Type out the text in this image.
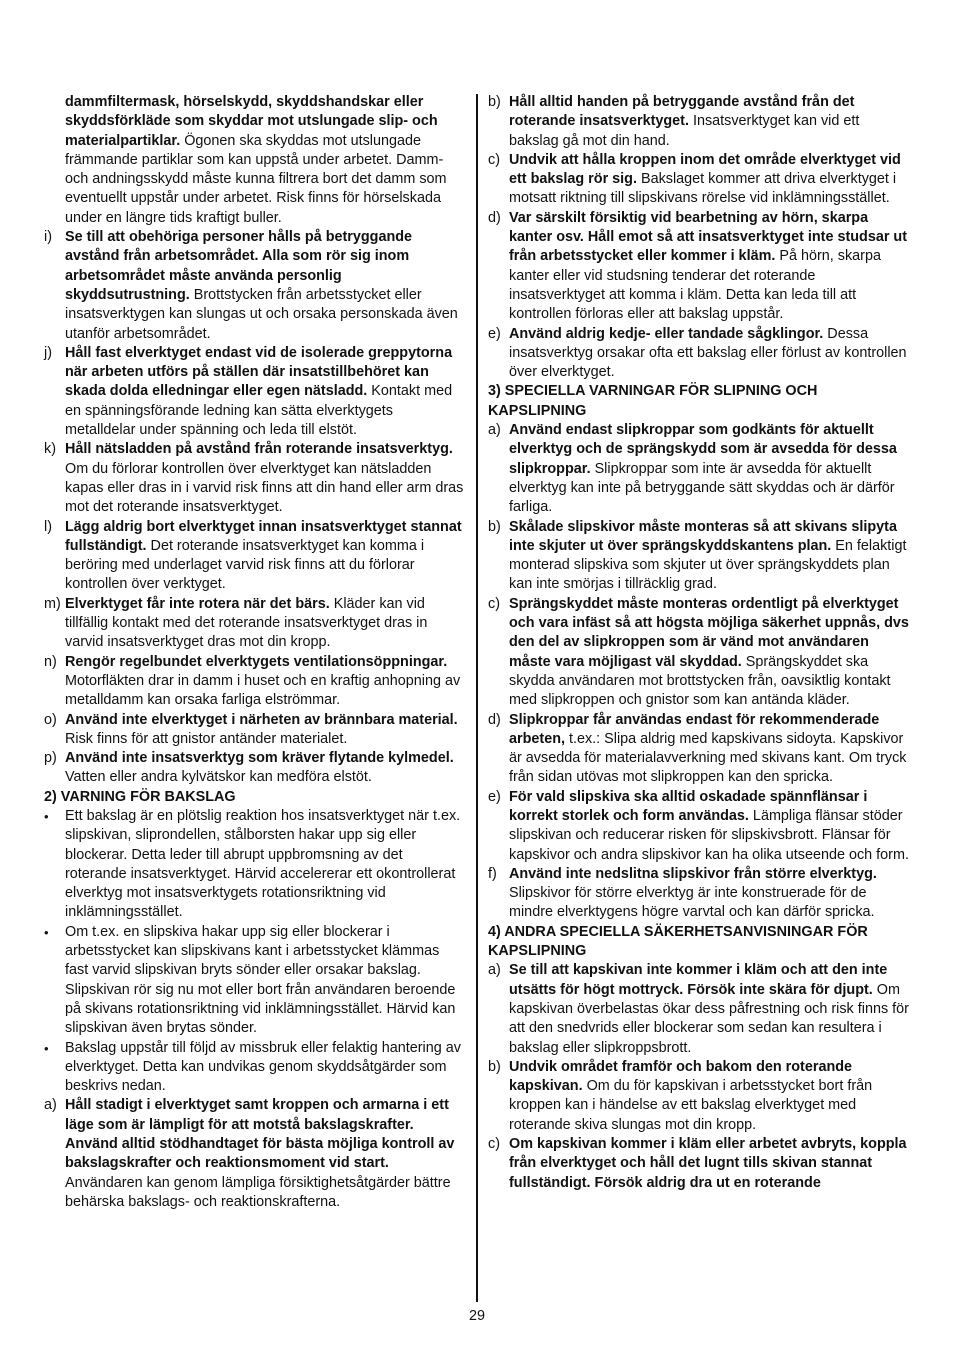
dammfiltermask, hörselskydd, skyddshandskar eller skyddsförkläde som skyddar mot utslungade slip- och materialpartiklar. Ögonen ska skyddas mot utslungade främmande partiklar som kan uppstå under arbetet. Damm- och andningsskydd måste kunna filtrera bort det damm som eventuellt uppstår under arbetet. Risk finns för hörselskada under en längre tids kraftigt buller.
i) Se till att obehöriga personer hålls på betryggande avstånd från arbetsområdet. Alla som rör sig inom arbetsområdet måste använda personlig skyddsutrustning. Brottstycken från arbetsstycket eller insatsverktygen kan slungas ut och orsaka personskada även utanför arbetsområdet.
j) Håll fast elverktyget endast vid de isolerade greppytorna när arbeten utförs på ställen där insatstillbehöret kan skada dolda elledningar eller egen nätsladd. Kontakt med en spänningsförande ledning kan sätta elverktygets metalldelar under spänning och leda till elstöt.
k) Håll nätsladden på avstånd från roterande insatsverktyg. Om du förlorar kontrollen över elverktyget kan nätsladden kapas eller dras in i varvid risk finns att din hand eller arm dras mot det roterande insatsverktyget.
l) Lägg aldrig bort elverktyget innan insatsverktyget stannat fullständigt. Det roterande insatsverktyget kan komma i beröring med underlaget varvid risk finns att du förlorar kontrollen över verktyget.
m) Elverktyget får inte rotera när det bärs. Kläder kan vid tillfällig kontakt med det roterande insatsverktyget dras in varvid insatsverktyget dras mot din kropp.
n) Rengör regelbundet elverktygets ventilationsöppningar. Motorfläkten drar in damm i huset och en kraftig anhopning av metalldamm kan orsaka farliga elströmmar.
o) Använd inte elverktyget i närheten av brännbara material. Risk finns för att gnistor antänder materialet.
p) Använd inte insatsverktyg som kräver flytande kylmedel. Vatten eller andra kylvätskor kan medföra elstöt.
2) VARNING FÖR BAKSLAG
• Ett bakslag är en plötslig reaktion hos insatsverktyget när t.ex. slipskivan, sliprondellen, stålborsten hakar upp sig eller blockerar. Detta leder till abrupt uppbromsning av det roterande insatsverktyget. Härvid accelererar ett okontrollerat elverktyg mot insatsverktygets rotationsriktning vid inklämningsstället.
• Om t.ex. en slipskiva hakar upp sig eller blockerar i arbetsstycket kan slipskivans kant i arbetsstycket klämmas fast varvid slipskivan bryts sönder eller orsakar bakslag. Slipskivan rör sig nu mot eller bort från användaren beroende på skivans rotationsriktning vid inklämningsstället. Härvid kan slipskivan även brytas sönder.
• Bakslag uppstår till följd av missbruk eller felaktig hantering av elverktyget. Detta kan undvikas genom skyddsåtgärder som beskrivs nedan.
a) Håll stadigt i elverktyget samt kroppen och armarna i ett läge som är lämpligt för att motstå bakslagskrafter. Använd alltid stödhandtaget för bästa möjliga kontroll av bakslagskrafter och reaktionsmoment vid start. Användaren kan genom lämpliga försiktighetsåtgärder bättre behärska bakslags- och reaktionskrafterna.
b) Håll alltid handen på betryggande avstånd från det roterande insatsverktyget. Insatsverktyget kan vid ett bakslag gå mot din hand.
c) Undvik att hålla kroppen inom det område elverktyget vid ett bakslag rör sig. Bakslaget kommer att driva elverktyget i motsatt riktning till slipskivans rörelse vid inklämningsstället.
d) Var särskilt försiktig vid bearbetning av hörn, skarpa kanter osv. Håll emot så att insatsverktyget inte studsar ut från arbetsstycket eller kommer i kläm. På hörn, skarpa kanter eller vid studsning tenderar det roterande insatsverktyget att komma i kläm. Detta kan leda till att kontrollen förloras eller att bakslag uppstår.
e) Använd aldrig kedje- eller tandade sågklingor. Dessa insatsverktyg orsakar ofta ett bakslag eller förlust av kontrollen över elverktyget.
3) SPECIELLA VARNINGAR FÖR SLIPNING OCH KAPSLIPNING
a) Använd endast slipkroppar som godkänts för aktuellt elverktyg och de sprängskydd som är avsedda för dessa slipkroppar. Slipkroppar som inte är avsedda för aktuellt elverktyg kan inte på betryggande sätt skyddas och är därför farliga.
b) Skålade slipskivor måste monteras så att skivans slipyta inte skjuter ut över sprängskyddskantens plan. En felaktigt monterad slipskiva som skjuter ut över sprängskyddets plan kan inte smörjas i tillräcklig grad.
c) Sprängskyddet måste monteras ordentligt på elverktyget och vara infäst så att högsta möjliga säkerhet uppnås, dvs den del av slipkroppen som är vänd mot användaren måste vara möjligast väl skyddad. Sprängskyddet ska skydda användaren mot brottstycken från, oavsiktlig kontakt med slipkroppen och gnistor som kan antända kläder.
d) Slipkroppar får användas endast för rekommenderade arbeten, t.ex.: Slipa aldrig med kapskivans sidoyta. Kapskivor är avsedda för materialavverkning med skivans kant. Om tryck från sidan utövas mot slipkroppen kan den spricka.
e) För vald slipskiva ska alltid oskadade spännflänsar i korrekt storlek och form användas. Lämpliga flänsar stöder slipskivan och reducerar risken för slipskivsbrott. Flänsar för kapskivor och andra slipskivor kan ha olika utseende och form.
f) Använd inte nedslitna slipskivor från större elverktyg. Slipskivor för större elverktyg är inte konstruerade för de mindre elverktygens högre varvtal och kan därför spricka.
4) ANDRA SPECIELLA SÄKERHETSANVISNINGAR FÖR KAPSLIPNING
a) Se till att kapskivan inte kommer i kläm och att den inte utsätts för högt mottryck. Försök inte skära för djupt. Om kapskivan överbelastas ökar dess påfrestning och risk finns för att den snedvrids eller blockerar som sedan kan resultera i bakslag eller slipkroppsbrott.
b) Undvik området framför och bakom den roterande kapskivan. Om du för kapskivan i arbetsstycket bort från kroppen kan i händelse av ett bakslag elverktyget med roterande skiva slungas mot din kropp.
c) Om kapskivan kommer i kläm eller arbetet avbryts, koppla från elverktyget och håll det lugnt tills skivan stannat fullständigt. Försök aldrig dra ut en roterande
29
